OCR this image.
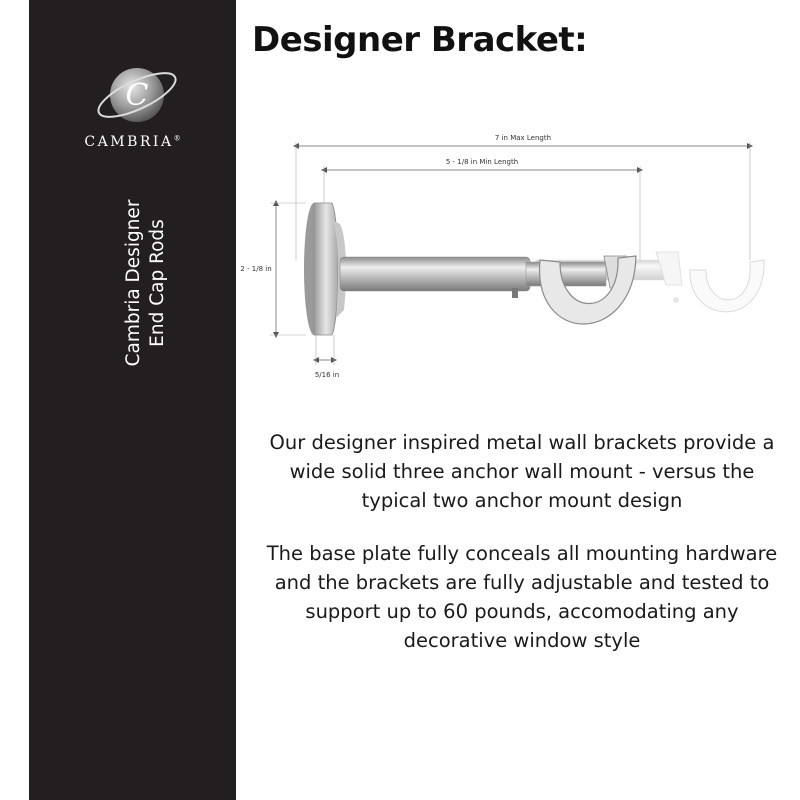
C
CAMBRIA®
Cambria Designer End Cap Rods
Designer Bracket:
7 in Max Length
5 - 1/8 in Min Length
2 - 1/8 in
5/16 in

Our designer inspired metal wall brackets provide a wide solid three anchor wall mount - versus the typical two anchor mount design

The base plate fully conceals all mounting hardware and the brackets are fully adjustable and tested to support up to 60 pounds, accomodating any decorative window style
